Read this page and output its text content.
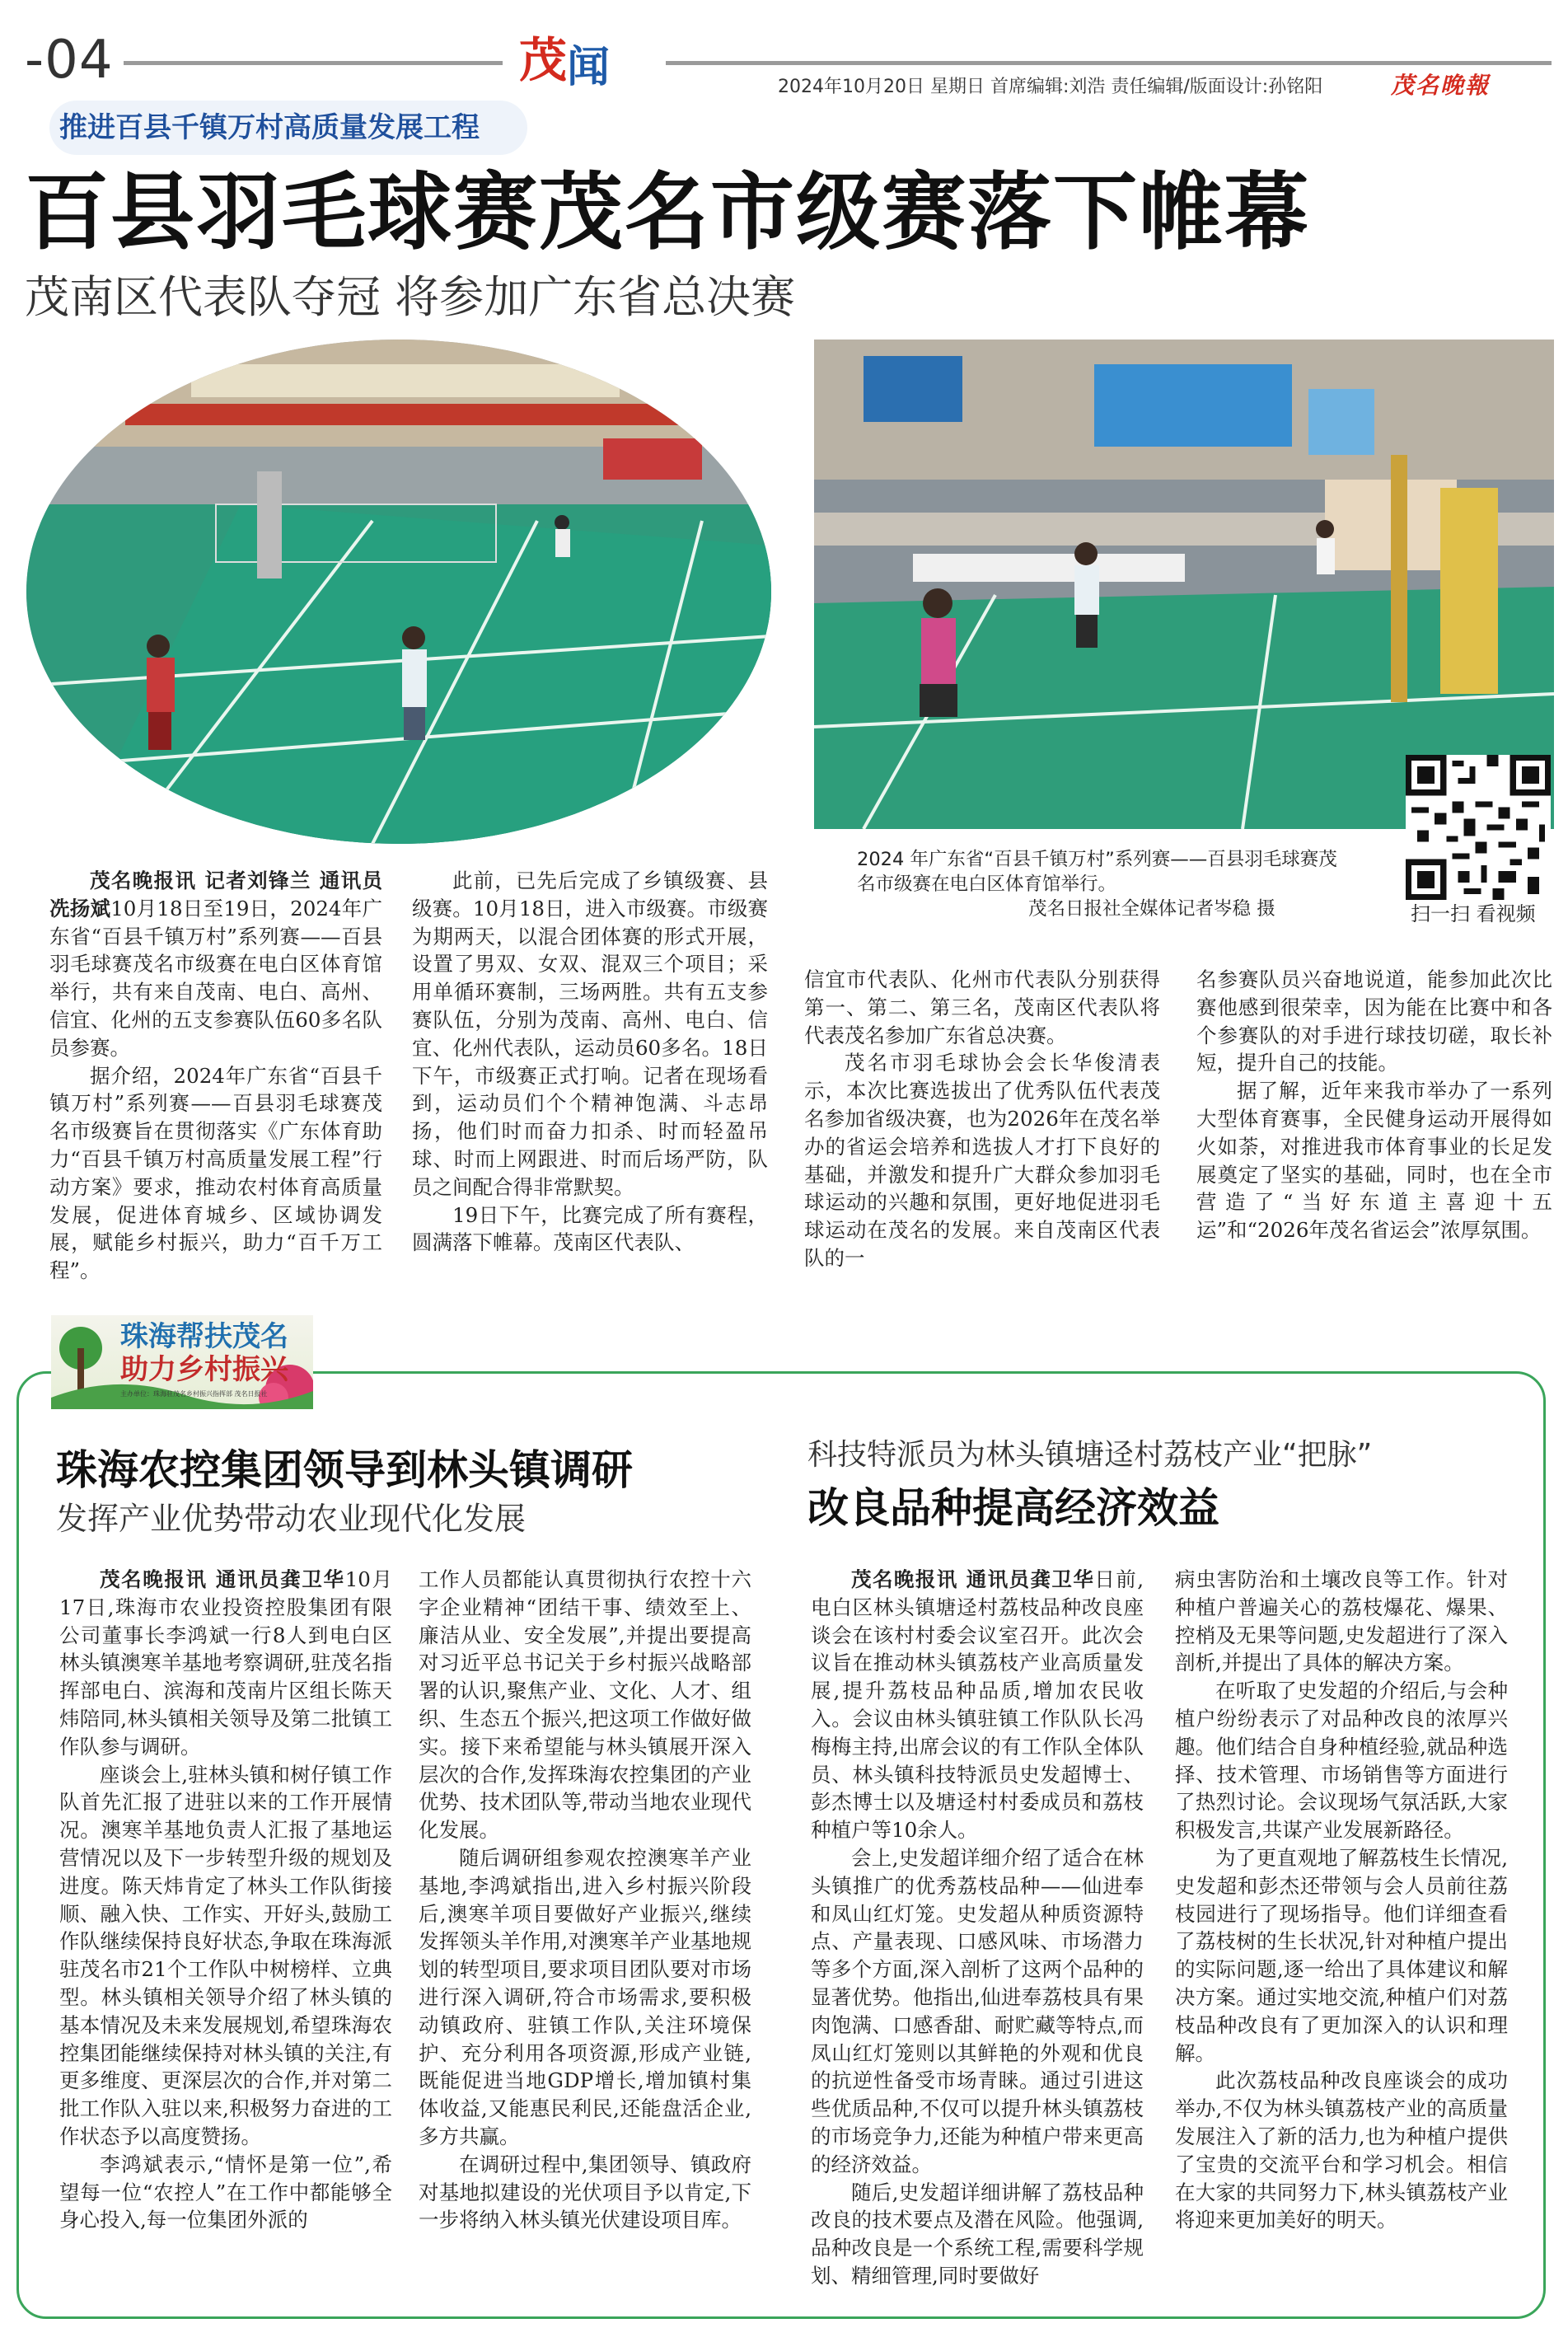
-04	茂 闻	2024年10月20日 星期日 首席编辑:刘浩 责任编辑/版面设计:孙铭阳	茂名晚報
推进百县千镇万村高质量发展工程
百县羽毛球赛茂名市级赛落下帷幕
茂南区代表队夺冠 将参加广东省总决赛
扫一扫 看视频
2024 年广东省“百县千镇万村”系列赛——百县羽毛球赛茂
名市级赛在电白区体育馆举行。
茂名日报社全媒体记者岑稳 摄

茂名晚报讯 记者刘锋兰 通讯员冼扬斌10月18日至19日，2024年广东省“百县千镇万村”系列赛——百县羽毛球赛茂名市级赛在电白区体育馆举行，共有来自茂南、电白、高州、信宜、化州的五支参赛队伍60多名队员参赛。

据介绍，2024年广东省“百县千镇万村”系列赛——百县羽毛球赛茂名市级赛旨在贯彻落实《广东体育助力“百县千镇万村高质量发展工程”行动方案》要求，推动农村体育高质量发展，促进体育城乡、区域协调发展，赋能乡村振兴，助力“百千万工程”。

此前，已先后完成了乡镇级赛、县级赛。10月18日，进入市级赛。市级赛为期两天，以混合团体赛的形式开展，设置了男双、女双、混双三个项目；采用单循环赛制，三场两胜。共有五支参赛队伍，分别为茂南、高州、电白、信宜、化州代表队，运动员60多名。18日下午，市级赛正式打响。记者在现场看到，运动员们个个精神饱满、斗志昂扬，他们时而奋力扣杀、时而轻盈吊球、时而上网跟进、时而后场严防，队员之间配合得非常默契。

19日下午，比赛完成了所有赛程，圆满落下帷幕。茂南区代表队、

信宜市代表队、化州市代表队分别获得第一、第二、第三名，茂南区代表队将代表茂名参加广东省总决赛。

茂名市羽毛球协会会长华俊清表示，本次比赛选拔出了优秀队伍代表茂名参加省级决赛，也为2026年在茂名举办的省运会培养和选拔人才打下良好的基础，并激发和提升广大群众参加羽毛球运动的兴趣和氛围，更好地促进羽毛球运动在茂名的发展。来自茂南区代表队的一

名参赛队员兴奋地说道，能参加此次比赛他感到很荣幸，因为能在比赛中和各个参赛队的对手进行球技切磋，取长补短，提升自己的技能。

据了解，近年来我市举办了一系列大型体育赛事，全民健身运动开展得如火如荼，对推进我市体育事业的长足发展奠定了坚实的基础，同时，也在全市营造了“当好东道主喜迎十五运”和“2026年茂名省运会”浓厚氛围。

珠海帮扶茂名
助力乡村振兴
主办单位：珠海驻茂名乡村振兴指挥部 茂名日报社
珠海农控集团领导到林头镇调研
发挥产业优势带动农业现代化发展

茂名晚报讯 通讯员龚卫华10月17日,珠海市农业投资控股集团有限公司董事长李鸿斌一行8人到电白区林头镇澳寒羊基地考察调研,驻茂名指挥部电白、滨海和茂南片区组长陈天炜陪同,林头镇相关领导及第二批镇工作队参与调研。

座谈会上,驻林头镇和树仔镇工作队首先汇报了进驻以来的工作开展情况。澳寒羊基地负责人汇报了基地运营情况以及下一步转型升级的规划及进度。陈天炜肯定了林头工作队街接顺、融入快、工作实、开好头,鼓励工作队继续保持良好状态,争取在珠海派驻茂名市21个工作队中树榜样、立典型。林头镇相关领导介绍了林头镇的基本情况及未来发展规划,希望珠海农控集团能继续保持对林头镇的关注,有更多维度、更深层次的合作,并对第二批工作队入驻以来,积极努力奋进的工作状态予以高度赞扬。

李鸿斌表示,“情怀是第一位”,希望每一位“农控人”在工作中都能够全身心投入,每一位集团外派的

工作人员都能认真贯彻执行农控十六字企业精神“团结干事、绩效至上、廉洁从业、安全发展”,并提出要提高对习近平总书记关于乡村振兴战略部署的认识,聚焦产业、文化、人才、组织、生态五个振兴,把这项工作做好做实。接下来希望能与林头镇展开深入层次的合作,发挥珠海农控集团的产业优势、技术团队等,带动当地农业现代化发展。

随后调研组参观农控澳寒羊产业基地,李鸿斌指出,进入乡村振兴阶段后,澳寒羊项目要做好产业振兴,继续发挥领头羊作用,对澳寒羊产业基地规划的转型项目,要求项目团队要对市场进行深入调研,符合市场需求,要积极动镇政府、驻镇工作队,关注环境保护、充分利用各项资源,形成产业链,既能促进当地GDP增长,增加镇村集体收益,又能惠民利民,还能盘活企业,多方共赢。

在调研过程中,集团领导、镇政府对基地拟建设的光伏项目予以肯定,下一步将纳入林头镇光伏建设项目库。

科技特派员为林头镇塘迳村荔枝产业“把脉”
改良品种提高经济效益

茂名晚报讯 通讯员龚卫华日前,电白区林头镇塘迳村荔枝品种改良座谈会在该村村委会议室召开。此次会议旨在推动林头镇荔枝产业高质量发展,提升荔枝品种品质,增加农民收入。会议由林头镇驻镇工作队队长冯梅梅主持,出席会议的有工作队全体队员、林头镇科技特派员史发超博士、彭杰博士以及塘迳村村委成员和荔枝种植户等10余人。

会上,史发超详细介绍了适合在林头镇推广的优秀荔枝品种——仙进奉和凤山红灯笼。史发超从种质资源特点、产量表现、口感风味、市场潜力等多个方面,深入剖析了这两个品种的显著优势。他指出,仙进奉荔枝具有果肉饱满、口感香甜、耐贮藏等特点,而凤山红灯笼则以其鲜艳的外观和优良的抗逆性备受市场青睐。通过引进这些优质品种,不仅可以提升林头镇荔枝的市场竞争力,还能为种植户带来更高的经济效益。

随后,史发超详细讲解了荔枝品种改良的技术要点及潜在风险。他强调,品种改良是一个系统工程,需要科学规划、精细管理,同时要做好

病虫害防治和土壤改良等工作。针对种植户普遍关心的荔枝爆花、爆果、控梢及无果等问题,史发超进行了深入剖析,并提出了具体的解决方案。

在听取了史发超的介绍后,与会种植户纷纷表示了对品种改良的浓厚兴趣。他们结合自身种植经验,就品种选择、技术管理、市场销售等方面进行了热烈讨论。会议现场气氛活跃,大家积极发言,共谋产业发展新路径。

为了更直观地了解荔枝生长情况,史发超和彭杰还带领与会人员前往荔枝园进行了现场指导。他们详细查看了荔枝树的生长状况,针对种植户提出的实际问题,逐一给出了具体建议和解决方案。通过实地交流,种植户们对荔枝品种改良有了更加深入的认识和理解。

此次荔枝品种改良座谈会的成功举办,不仅为林头镇荔枝产业的高质量发展注入了新的活力,也为种植户提供了宝贵的交流平台和学习机会。相信在大家的共同努力下,林头镇荔枝产业将迎来更加美好的明天。
